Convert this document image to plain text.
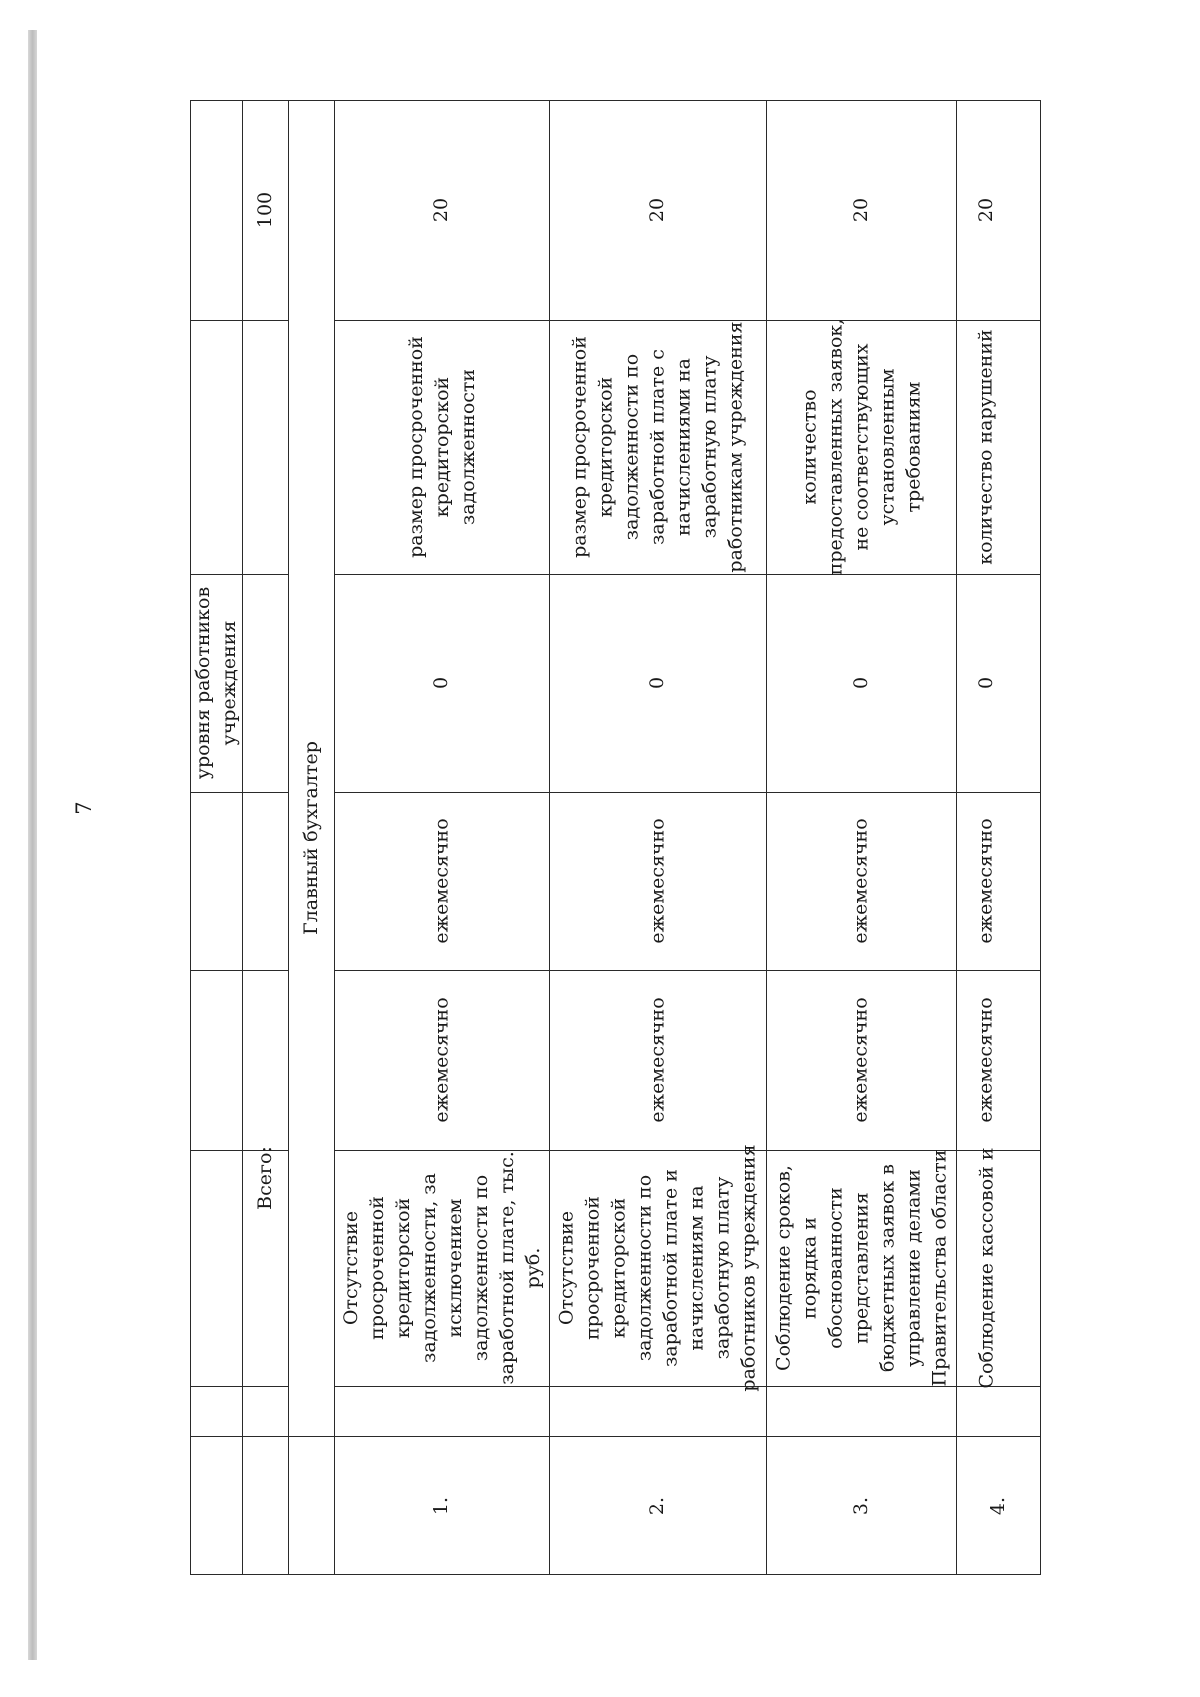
7
уровня работников
учреждения
Всего:
100
Главный бухгалтер
1.
Отсутствие
просроченной
кредиторской
задолженности, за
исключением
задолженности по
заработной плате, тыс.
руб.
ежемесячно
ежемесячно
0
размер просроченной
кредиторской
задолженности
20
2.
Отсутствие
просроченной
кредиторской
задолженности по
заработной плате и
начислениям на
заработную плату
работников учреждения
ежемесячно
ежемесячно
0
размер просроченной
кредиторской
задолженности по
заработной плате с
начислениями на
заработную плату
работникам учреждения
20
3.
Соблюдение сроков,
порядка и
обоснованности
представления
бюджетных заявок в
управление делами
Правительства области
ежемесячно
ежемесячно
0
количество
предоставленных заявок,
не соответствующих
установленным
требованиям
20
4.
Соблюдение кассовой и
ежемесячно
ежемесячно
0
количество нарушений
20
